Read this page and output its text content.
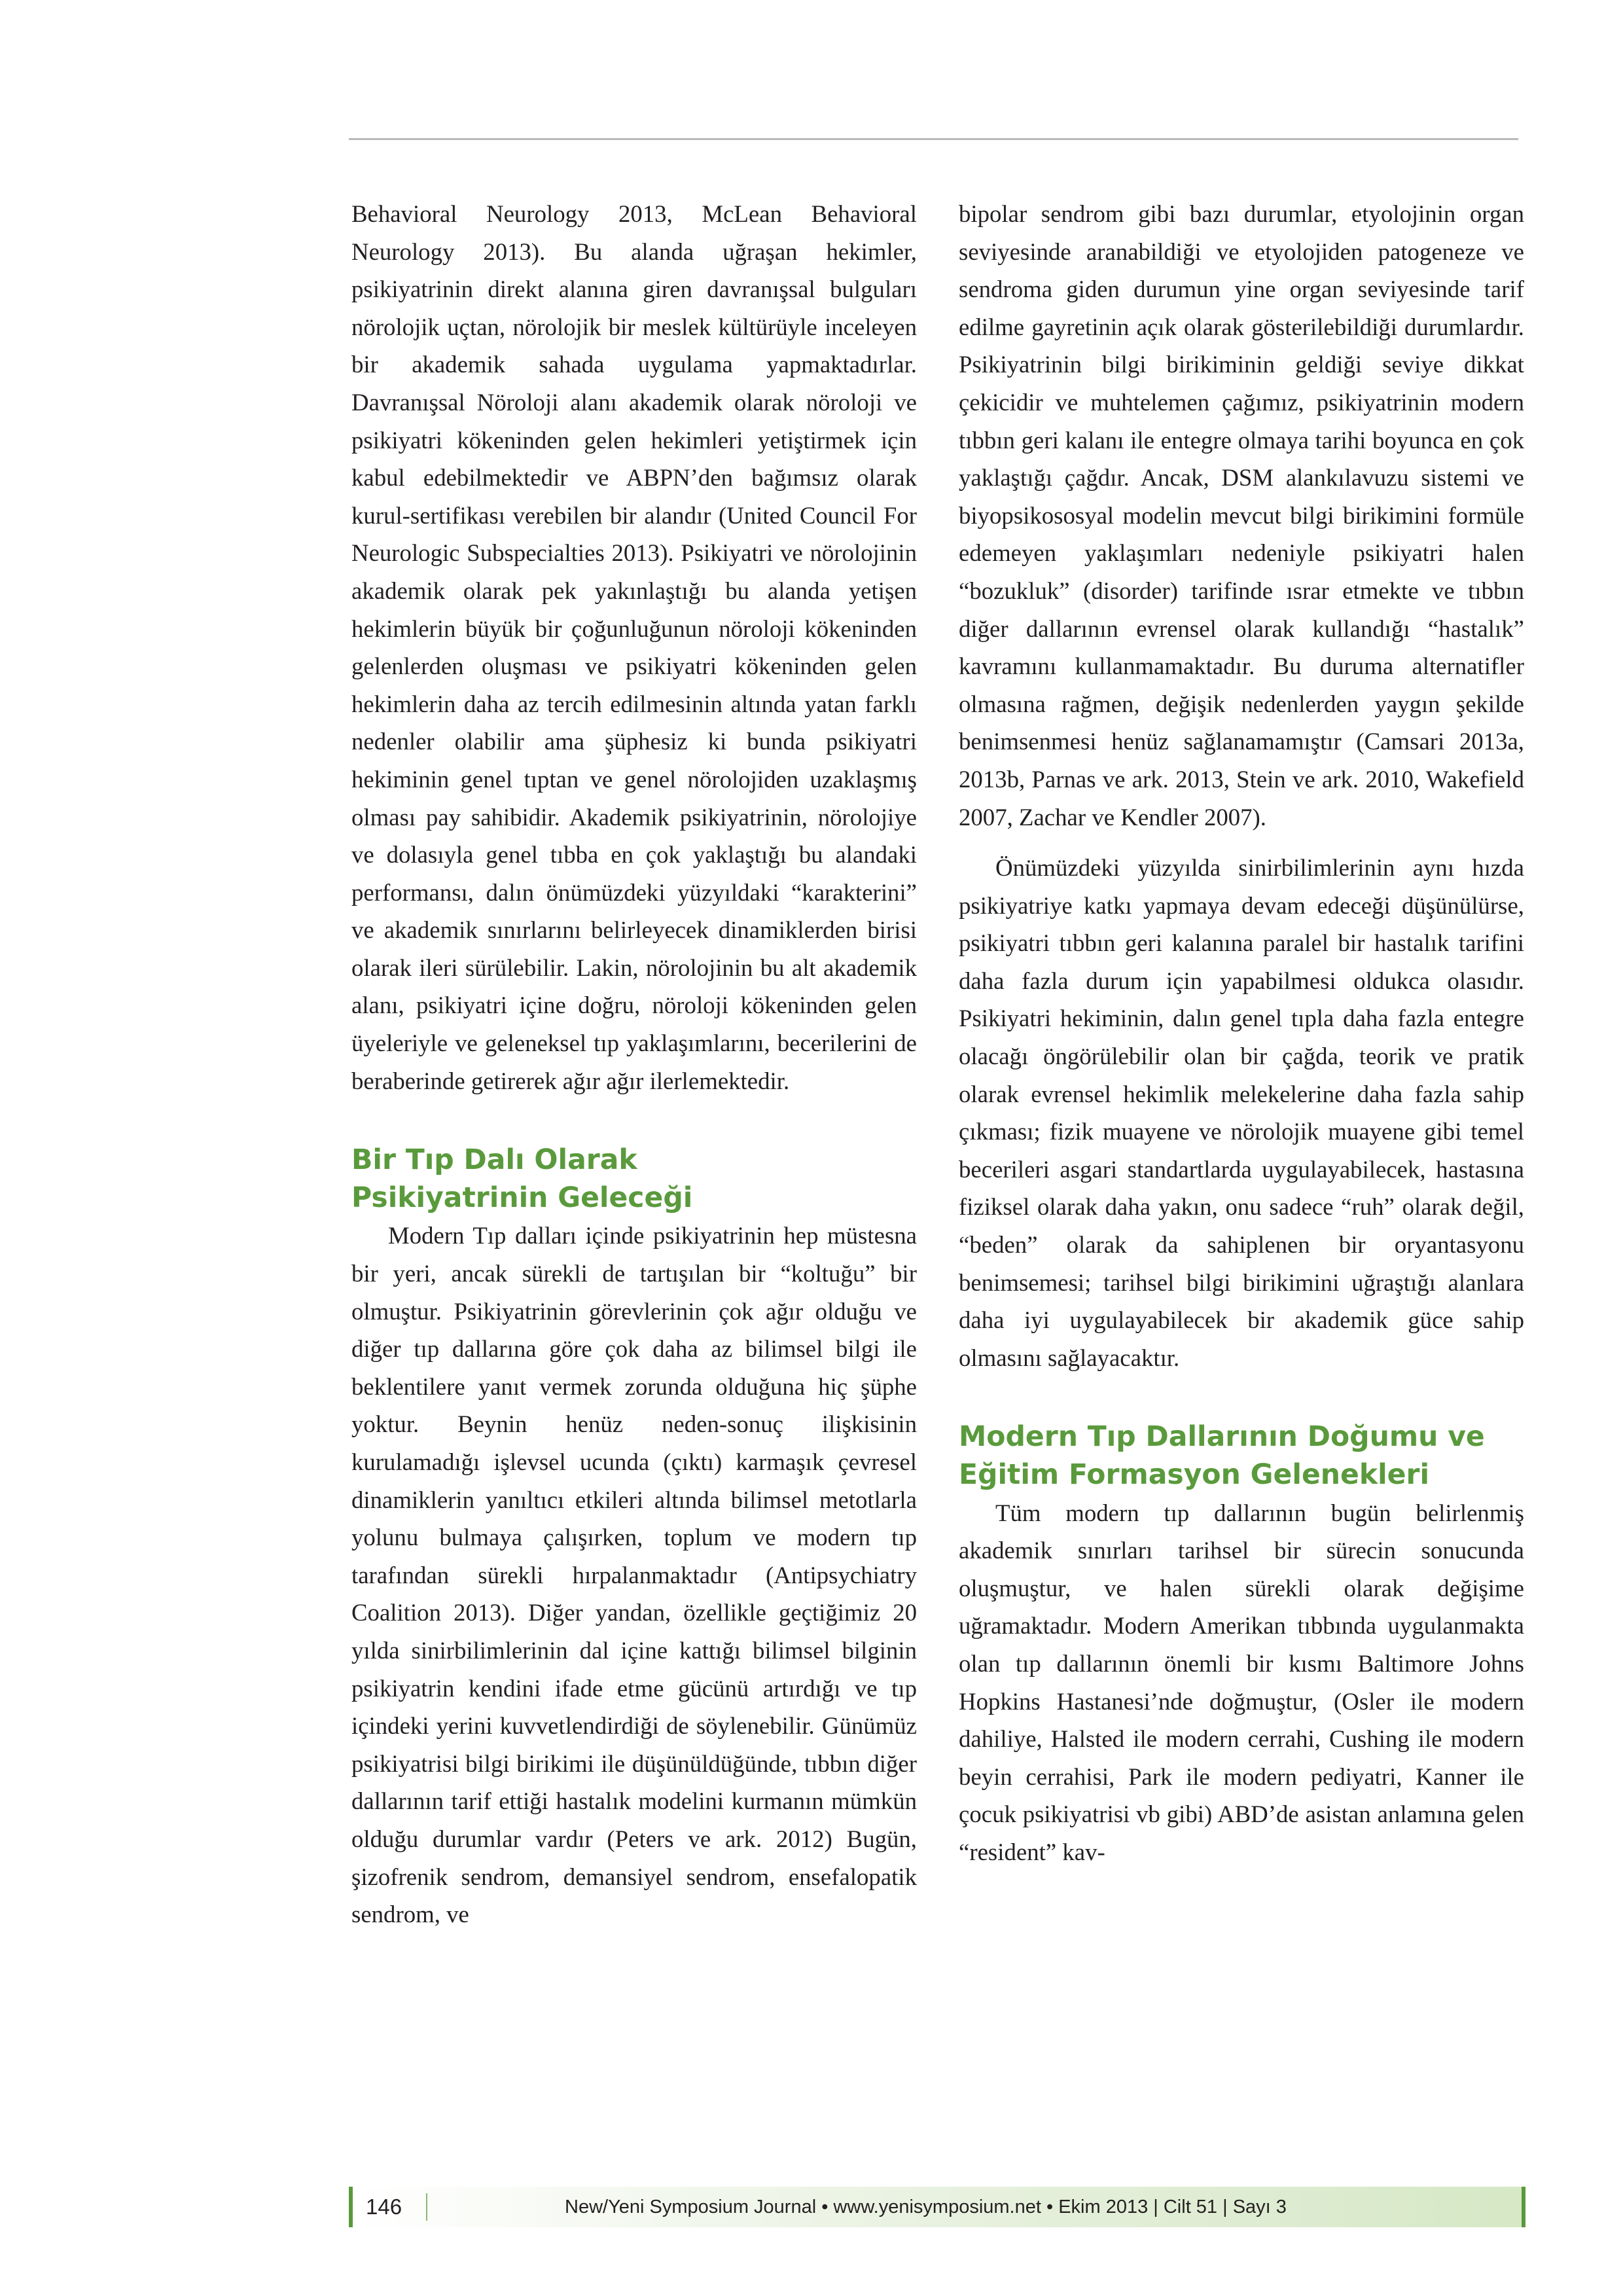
Behavioral Neurology 2013, McLean Behavioral Neurology 2013). Bu alanda uğraşan hekimler, psikiyatrinin direkt alanına giren davranışsal bulguları nörolojik uçtan, nörolojik bir meslek kültürüyle inceleyen bir akademik sahada uygulama yapmaktadırlar. Davranışsal Nöroloji alanı akademik olarak nöroloji ve psikiyatri kökeninden gelen hekimleri yetiştirmek için kabul edebilmektedir ve ABPN’den bağımsız olarak kurul-sertifikası verebilen bir alandır (United Council For Neurologic Subspecialties 2013). Psikiyatri ve nörolojinin akademik olarak pek yakınlaştığı bu alanda yetişen hekimlerin büyük bir çoğunluğunun nöroloji kökeninden gelenlerden oluşması ve psikiyatri kökeninden gelen hekimlerin daha az tercih edilmesinin altında yatan farklı nedenler olabilir ama şüphesiz ki bunda psikiyatri hekiminin genel tıptan ve genel nörolojiden uzaklaşmış olması pay sahibidir. Akademik psikiyatrinin, nörolojiye ve dolasıyla genel tıbba en çok yaklaştığı bu alandaki performansı, dalın önümüzdeki yüzyıldaki “karakterini” ve akademik sınırlarını belirleyecek dinamiklerden birisi olarak ileri sürülebilir. Lakin, nörolojinin bu alt akademik alanı, psikiyatri içine doğru, nöroloji kökeninden gelen üyeleriyle ve geleneksel tıp yaklaşımlarını, becerilerini de beraberinde getirerek ağır ağır ilerlemektedir.

Bir Tıp Dalı Olarak
Psikiyatrinin Geleceği

Modern Tıp dalları içinde psikiyatrinin hep müstesna bir yeri, ancak sürekli de tartışılan bir “koltuğu” bir olmuştur. Psikiyatrinin görevlerinin çok ağır olduğu ve diğer tıp dallarına göre çok daha az bilimsel bilgi ile beklentilere yanıt vermek zorunda olduğuna hiç şüphe yoktur. Beynin henüz neden-sonuç ilişkisinin kurulamadığı işlevsel ucunda (çıktı) karmaşık çevresel dinamiklerin yanıltıcı etkileri altında bilimsel metotlarla yolunu bulmaya çalışırken, toplum ve modern tıp tarafından sürekli hırpalanmaktadır (Antipsychiatry Coalition 2013). Diğer yandan, özellikle geçtiğimiz 20 yılda sinirbilimlerinin dal içine kattığı bilimsel bilginin psikiyatrin kendini ifade etme gücünü artırdığı ve tıp içindeki yerini kuvvetlendirdiği de söylenebilir. Günümüz psikiyatrisi bilgi birikimi ile düşünüldüğünde, tıbbın diğer dallarının tarif ettiği hastalık modelini kurmanın mümkün olduğu durumlar vardır (Peters ve ark. 2012) Bugün, şizofrenik sendrom, demansiyel sendrom, ensefalopatik sendrom, ve

bipolar sendrom gibi bazı durumlar, etyolojinin organ seviyesinde aranabildiği ve etyolojiden patogeneze ve sendroma giden durumun yine organ seviyesinde tarif edilme gayretinin açık olarak gösterilebildiği durumlardır. Psikiyatrinin bilgi birikiminin geldiği seviye dikkat çekicidir ve muhtelemen çağımız, psikiyatrinin modern tıbbın geri kalanı ile entegre olmaya tarihi boyunca en çok yaklaştığı çağdır. Ancak, DSM alankılavuzu sistemi ve biyopsikososyal modelin mevcut bilgi birikimini formüle edemeyen yaklaşımları nedeniyle psikiyatri halen “bozukluk” (disorder) tarifinde ısrar etmekte ve tıbbın diğer dallarının evrensel olarak kullandığı “hastalık” kavramını kullanmamaktadır. Bu duruma alternatifler olmasına rağmen, değişik nedenlerden yaygın şekilde benimsenmesi henüz sağlanamamıştır (Camsari 2013a, 2013b, Parnas ve ark. 2013, Stein ve ark. 2010, Wakefield 2007, Zachar ve Kendler 2007).

Önümüzdeki yüzyılda sinirbilimlerinin aynı hızda psikiyatriye katkı yapmaya devam edeceği düşünülürse, psikiyatri tıbbın geri kalanına paralel bir hastalık tarifini daha fazla durum için yapabilmesi oldukca olasıdır. Psikiyatri hekiminin, dalın genel tıpla daha fazla entegre olacağı öngörülebilir olan bir çağda, teorik ve pratik olarak evrensel hekimlik melekelerine daha fazla sahip çıkması; fizik muayene ve nörolojik muayene gibi temel becerileri asgari standartlarda uygulayabilecek, hastasına fiziksel olarak daha yakın, onu sadece “ruh” olarak değil, “beden” olarak da sahiplenen bir oryantasyonu benimsemesi; tarihsel bilgi birikimini uğraştığı alanlara daha iyi uygulayabilecek bir akademik güce sahip olmasını sağlayacaktır.

Modern Tıp Dallarının Doğumu ve
Eğitim Formasyon Gelenekleri

Tüm modern tıp dallarının bugün belirlenmiş akademik sınırları tarihsel bir sürecin sonucunda oluşmuştur, ve halen sürekli olarak değişime uğramaktadır. Modern Amerikan tıbbında uygulanmakta olan tıp dallarının önemli bir kısmı Baltimore Johns Hopkins Hastanesi’nde doğmuştur, (Osler ile modern dahiliye, Halsted ile modern cerrahi, Cushing ile modern beyin cerrahisi, Park ile modern pediyatri, Kanner ile çocuk psikiyatrisi vb gibi) ABD’de asistan anlamına gelen “resident” kav-

146	New/Yeni Symposium Journal • www.yenisymposium.net • Ekim 2013 | Cilt 51 | Sayı 3
